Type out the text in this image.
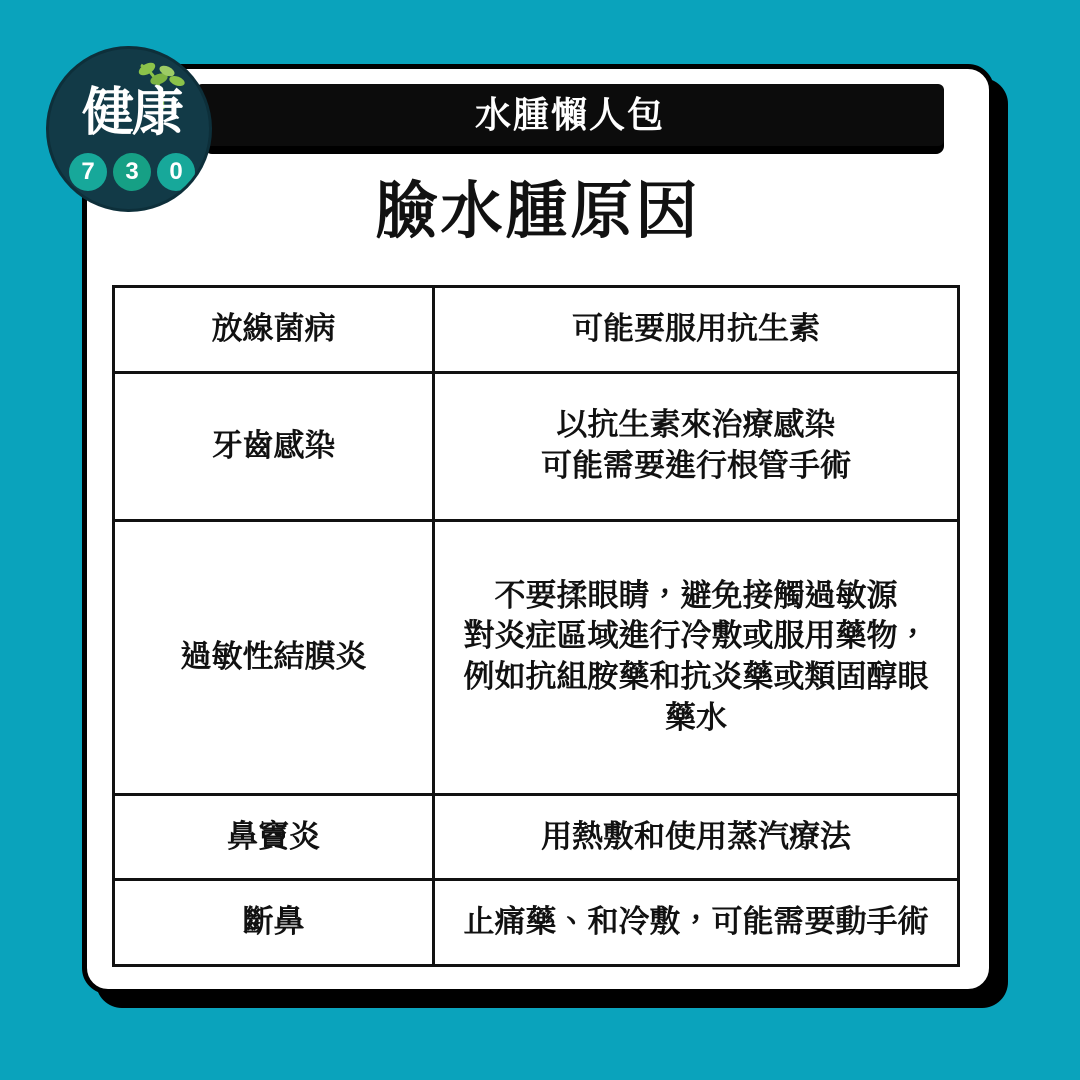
水腫懶人包
健康
7	3	0
臉水腫原因
放線菌病	可能要服用抗生素

牙齒感染	以抗生素來治療感染
可能需要進行根管手術

過敏性結膜炎	不要揉眼睛，避免接觸過敏源
對炎症區域進行冷敷或服用藥物，
例如抗組胺藥和抗炎藥或類固醇眼
藥水

鼻竇炎	用熱敷和使用蒸汽療法

斷鼻	止痛藥、和冷敷，可能需要動手術
